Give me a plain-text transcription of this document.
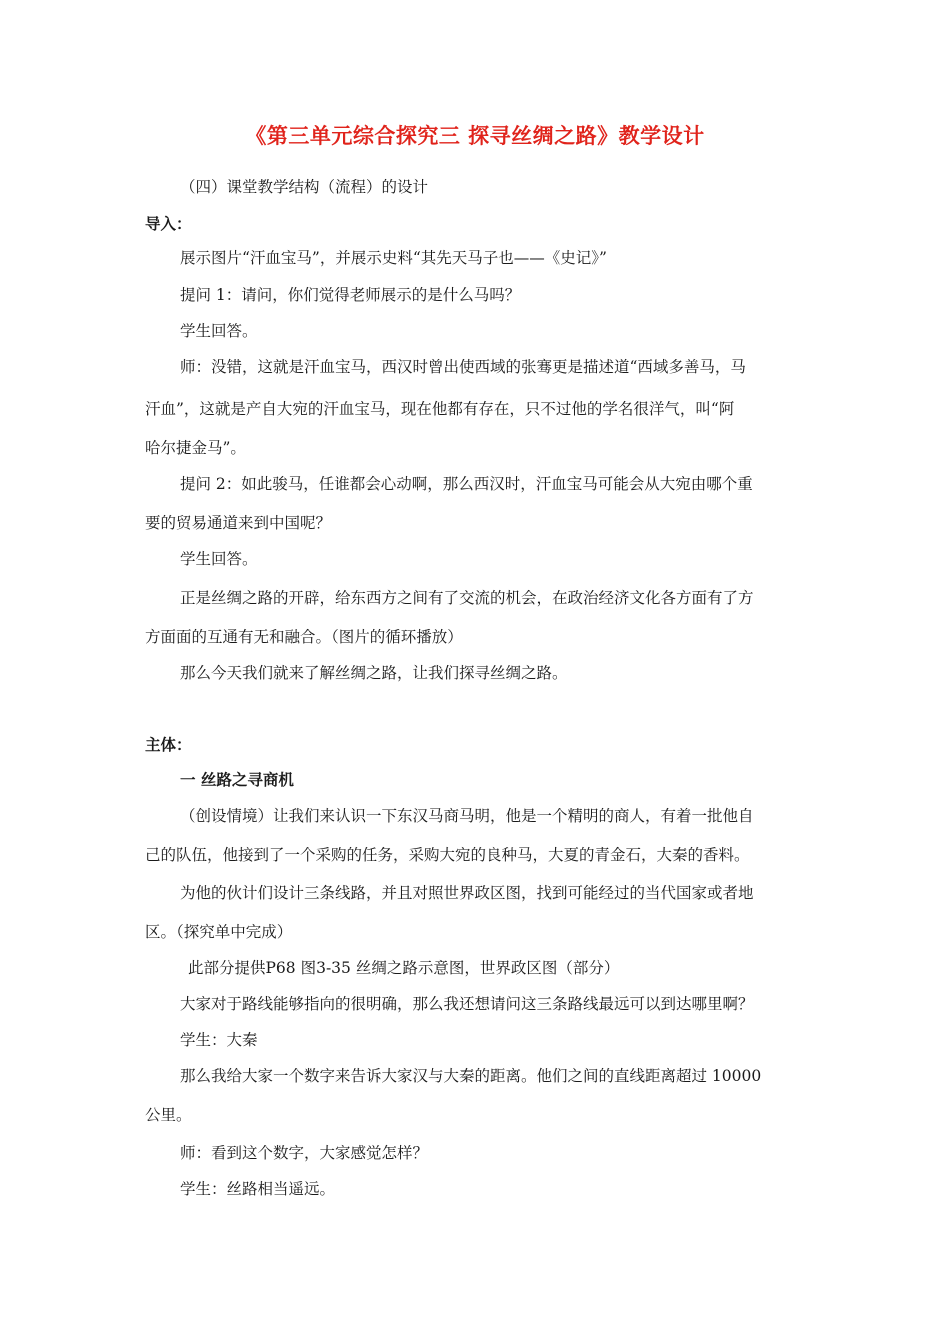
《第三单元综合探究三 探寻丝绸之路》教学设计
（四）课堂教学结构（流程）的设计
导入：
展示图片“汗血宝马”，并展示史料“其先天马子也——《史记》”
提问 1：请问，你们觉得老师展示的是什么马吗？
学生回答。
师：没错，这就是汗血宝马，西汉时曾出使西域的张骞更是描述道“西域多善马，马
汗血”，这就是产自大宛的汗血宝马，现在他都有存在，只不过他的学名很洋气，叫“阿
哈尔捷金马”。
提问 2：如此骏马，任谁都会心动啊，那么西汉时，汗血宝马可能会从大宛由哪个重
要的贸易通道来到中国呢？
学生回答。
正是丝绸之路的开辟，给东西方之间有了交流的机会，在政治经济文化各方面有了方
方面面的互通有无和融合。（图片的循环播放）
那么今天我们就来了解丝绸之路，让我们探寻丝绸之路。
主体：
一 丝路之寻商机
（创设情境）让我们来认识一下东汉马商马明，他是一个精明的商人，有着一批他自
己的队伍，他接到了一个采购的任务，采购大宛的良种马，大夏的青金石，大秦的香料。
为他的伙计们设计三条线路，并且对照世界政区图，找到可能经过的当代国家或者地
区。（探究单中完成）
此部分提供P68 图3-35 丝绸之路示意图，世界政区图（部分）
大家对于路线能够指向的很明确，那么我还想请问这三条路线最远可以到达哪里啊？
学生：大秦
那么我给大家一个数字来告诉大家汉与大秦的距离。他们之间的直线距离超过 10000
公里。
师：看到这个数字，大家感觉怎样？
学生：丝路相当遥远。
